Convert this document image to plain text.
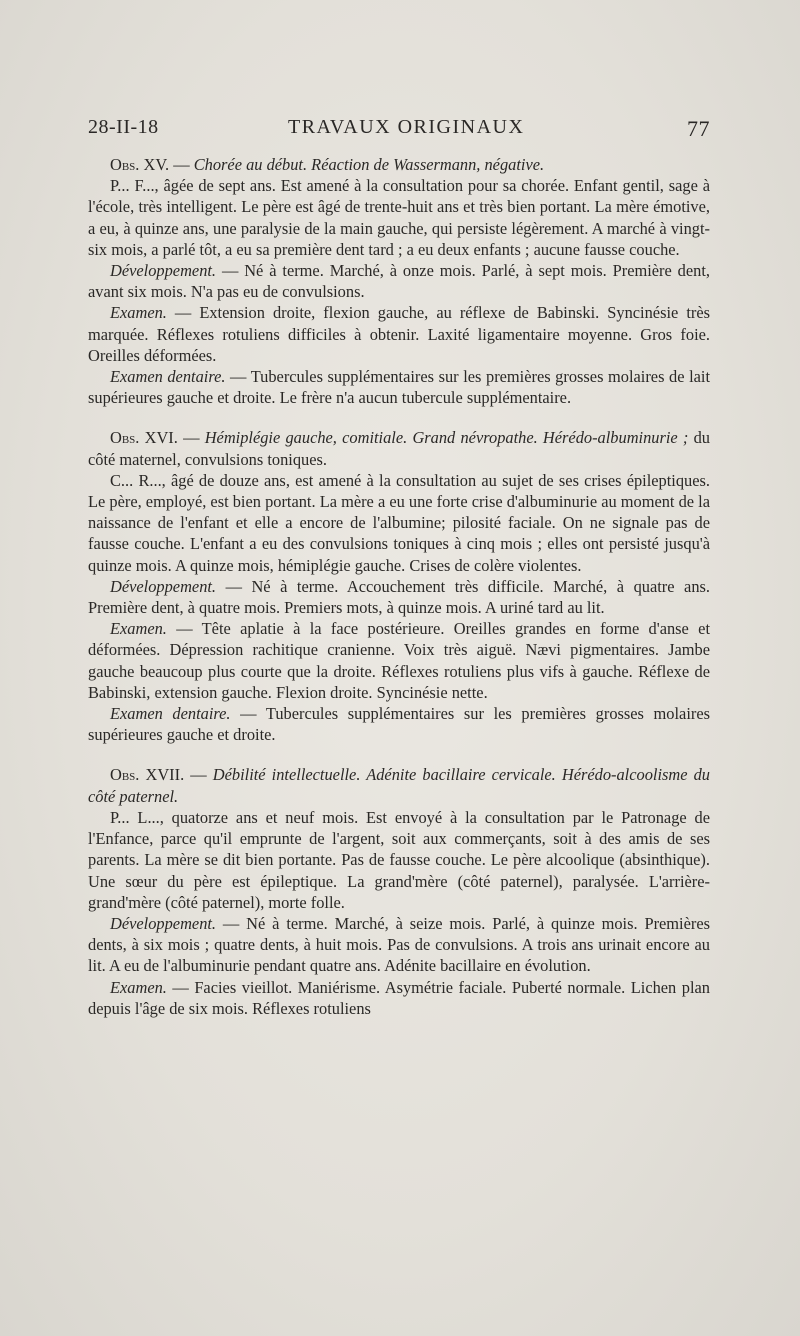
28-II-18	TRAVAUX ORIGINAUX	77

Obs. XV. — Chorée au début. Réaction de Wassermann, négative.

P... F..., âgée de sept ans. Est amené à la consultation pour sa chorée. Enfant gentil, sage à l'école, très intelligent. Le père est âgé de trente-huit ans et très bien portant. La mère émotive, a eu, à quinze ans, une paralysie de la main gauche, qui persiste légèrement. A marché à vingt-six mois, a parlé tôt, a eu sa première dent tard ; a eu deux enfants ; aucune fausse couche.

Développement. — Né à terme. Marché, à onze mois. Parlé, à sept mois. Première dent, avant six mois. N'a pas eu de convulsions.

Examen. — Extension droite, flexion gauche, au réflexe de Babinski. Syncinésie très marquée. Réflexes rotuliens difficiles à obtenir. Laxité ligamentaire moyenne. Gros foie. Oreilles déformées.

Examen dentaire. — Tubercules supplémentaires sur les premières grosses molaires de lait supérieures gauche et droite. Le frère n'a aucun tubercule supplémentaire.

Obs. XVI. — Hémiplégie gauche, comitiale. Grand névropathe. Hérédo-albuminurie ; du côté maternel, convulsions toniques.

C... R..., âgé de douze ans, est amené à la consultation au sujet de ses crises épileptiques. Le père, employé, est bien portant. La mère a eu une forte crise d'albuminurie au moment de la naissance de l'enfant et elle a encore de l'albumine; pilosité faciale. On ne signale pas de fausse couche. L'enfant a eu des convulsions toniques à cinq mois ; elles ont persisté jusqu'à quinze mois. A quinze mois, hémiplégie gauche. Crises de colère violentes.

Développement. — Né à terme. Accouchement très difficile. Marché, à quatre ans. Première dent, à quatre mois. Premiers mots, à quinze mois. A uriné tard au lit.

Examen. — Tête aplatie à la face postérieure. Oreilles grandes en forme d'anse et déformées. Dépression rachitique cranienne. Voix très aiguë. Nævi pigmentaires. Jambe gauche beaucoup plus courte que la droite. Réflexes rotuliens plus vifs à gauche. Réflexe de Babinski, extension gauche. Flexion droite. Syncinésie nette.

Examen dentaire. — Tubercules supplémentaires sur les premières grosses molaires supérieures gauche et droite.

Obs. XVII. — Débilité intellectuelle. Adénite bacillaire cervicale. Hérédo-alcoolisme du côté paternel.

P... L..., quatorze ans et neuf mois. Est envoyé à la consultation par le Patronage de l'Enfance, parce qu'il emprunte de l'argent, soit aux commerçants, soit à des amis de ses parents. La mère se dit bien portante. Pas de fausse couche. Le père alcoolique (absinthique). Une sœur du père est épileptique. La grand'mère (côté paternel), paralysée. L'arrière-grand'mère (côté paternel), morte folle.

Développement. — Né à terme. Marché, à seize mois. Parlé, à quinze mois. Premières dents, à six mois ; quatre dents, à huit mois. Pas de convulsions. A trois ans urinait encore au lit. A eu de l'albuminurie pendant quatre ans. Adénite bacillaire en évolution.

Examen. — Facies vieillot. Maniérisme. Asymétrie faciale. Puberté normale. Lichen plan depuis l'âge de six mois. Réflexes rotuliens
